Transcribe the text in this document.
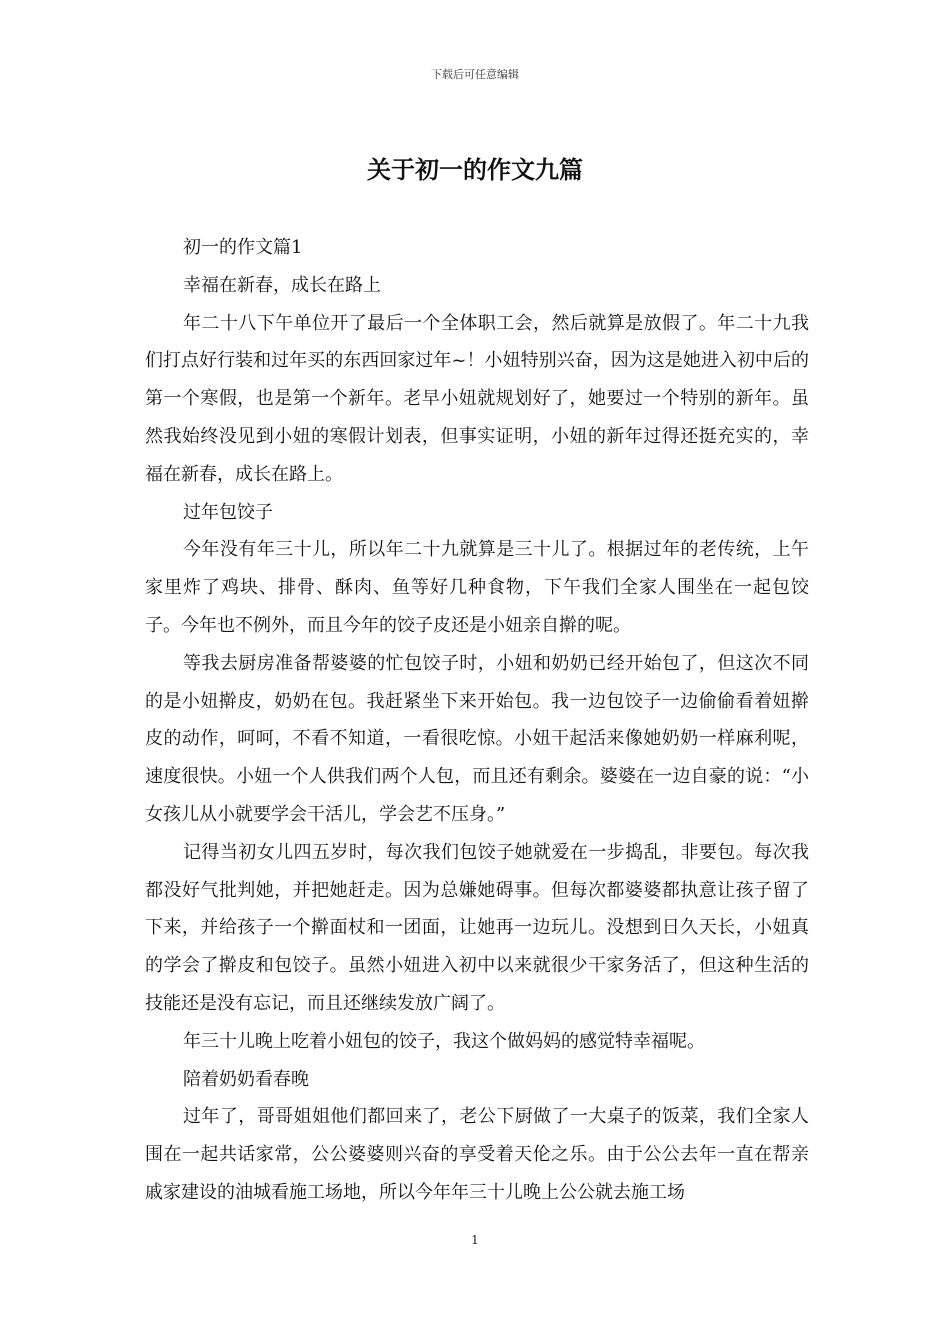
下载后可任意编辑
关于初一的作文九篇

初一的作文篇1

幸福在新春，成长在路上

年二十八下午单位开了最后一个全体职工会，然后就算是放假了。年二十九我们打点好行装和过年买的东西回家过年~！小妞特别兴奋，因为这是她进入初中后的第一个寒假，也是第一个新年。老早小妞就规划好了，她要过一个特别的新年。虽然我始终没见到小妞的寒假计划表，但事实证明，小妞的新年过得还挺充实的，幸福在新春，成长在路上。

过年包饺子

今年没有年三十儿，所以年二十九就算是三十儿了。根据过年的老传统，上午家里炸了鸡块、排骨、酥肉、鱼等好几种食物，下午我们全家人围坐在一起包饺子。今年也不例外，而且今年的饺子皮还是小妞亲自擀的呢。

等我去厨房准备帮婆婆的忙包饺子时，小妞和奶奶已经开始包了，但这次不同的是小妞擀皮，奶奶在包。我赶紧坐下来开始包。我一边包饺子一边偷偷看着妞擀皮的动作，呵呵，不看不知道，一看很吃惊。小妞干起活来像她奶奶一样麻利呢，速度很快。小妞一个人供我们两个人包，而且还有剩余。婆婆在一边自豪的说：“小女孩儿从小就要学会干活儿，学会艺不压身。”

记得当初女儿四五岁时，每次我们包饺子她就爱在一步捣乱，非要包。每次我都没好气批判她，并把她赶走。因为总嫌她碍事。但每次都婆婆都执意让孩子留了下来，并给孩子一个擀面杖和一团面，让她再一边玩儿。没想到日久天长，小妞真的学会了擀皮和包饺子。虽然小妞进入初中以来就很少干家务活了，但这种生活的技能还是没有忘记，而且还继续发放广阔了。

年三十儿晚上吃着小妞包的饺子，我这个做妈妈的感觉特幸福呢。

陪着奶奶看春晚

过年了，哥哥姐姐他们都回来了，老公下厨做了一大桌子的饭菜，我们全家人围在一起共话家常，公公婆婆则兴奋的享受着天伦之乐。由于公公去年一直在帮亲戚家建设的油城看施工场地，所以今年年三十儿晚上公公就去施工场

1
